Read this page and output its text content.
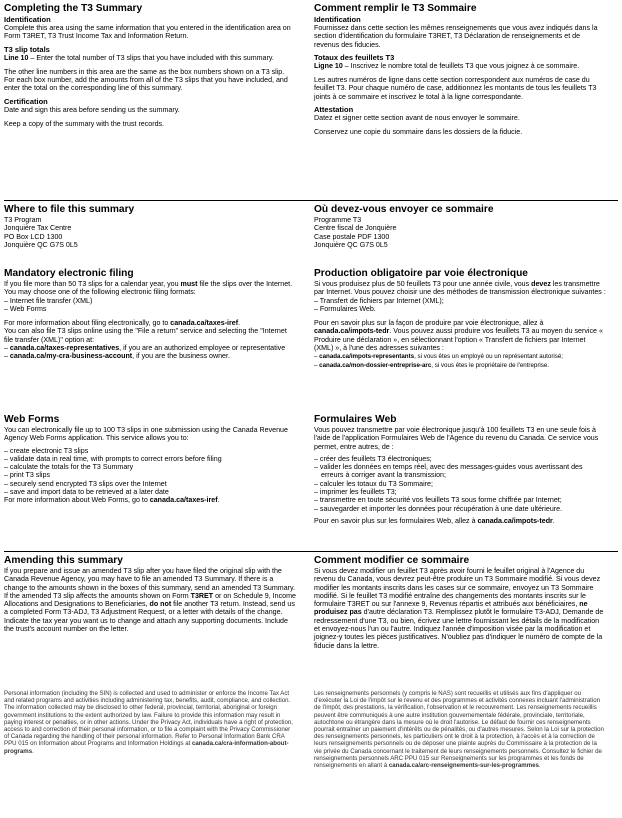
Completing the T3 Summary
Identification

Complete this area using the same information that you entered in the identification area on Form T3RET, T3 Trust Income Tax and Information Return.

T3 slip totals

Line 10 – Enter the total number of T3 slips that you have included with this summary.

The other line numbers in this area are the same as the box numbers shown on a T3 slip. For each box number, add the amounts from all of the T3 slips that you have included, and enter the total on the corresponding line of this summary.

Certification

Date and sign this area before sending us the summary.

Keep a copy of the summary with the trust records.

Where to file this summary

T3 Program

Jonquière Tax Centre

PO Box LCD 1300

Jonquière QC G7S 0L5

Mandatory electronic filing

If you file more than 50 T3 slips for a calendar year, you must file the slips over the Internet.

You may choose one of the following electronic filing formats:

– Internet file transfer (XML)

– Web Forms

For more information about filing electronically, go to canada.ca/taxes-iref.

You can also file T3 slips online using the "File a return" service and selecting the "Internet file transfer (XML)" option at:

– canada.ca/taxes-representatives, if you are an authorized employee or representative
– canada.ca/my-cra-business-account, if you are the business owner.
Web Forms

You can electronically file up to 100 T3 slips in one submission using the Canada Revenue Agency Web Forms application. This service allows you to:

– create electronic T3 slips
– validate data in real time, with prompts to correct errors before filing
– calculate the totals for the T3 Summary
– print T3 slips
– securely send encrypted T3 slips over the Internet
– save and import data to be retrieved at a later date

For more information about Web Forms, go to canada.ca/taxes-iref.

Amending this summary

If you prepare and issue an amended T3 slip after you have filed the original slip with the Canada Revenue Agency, you may have to file an amended T3 Summary. If there is a change to the amounts shown in the boxes of this summary, send an amended T3 Summary. If the amended T3 slip affects the amounts shown on Form T3RET or on Schedule 9, Income Allocations and Designations to Beneficiaries, do not file another T3 return. Instead, send us a completed Form T3-ADJ, T3 Adjustment Request, or a letter with details of the change. Indicate the tax year you want us to change and attach any supporting documents. Include the trust's account number on the letter.

Personal information (including the SIN) is collected and used to administer or enforce the Income Tax Act and related programs and activities including administering tax, benefits, audit, compliance, and collection. The information collected may be disclosed to other federal, provincial, territorial, aboriginal or foreign government institutions to the extent authorized by law. Failure to provide this information may result in paying interest or penalties, or in other actions. Under the Privacy Act, individuals have a right of protection, access to and correction of their personal information, or to file a complaint with the Privacy Commissioner of Canada regarding the handling of their personal information. Refer to Personal Information Bank CRA PPU 015 on Information about Programs and Information Holdings at canada.ca/cra-information-about-programs.

Comment remplir le T3 Sommaire
Identification

Fournissez dans cette section les mêmes renseignements que vous avez indiqués dans la section d'identification du formulaire T3RET, T3 Déclaration de renseignements et de revenus des fiducies.

Totaux des feuillets T3

Ligne 10 – Inscrivez le nombre total de feuillets T3 que vous joignez à ce sommaire.

Les autres numéros de ligne dans cette section correspondent aux numéros de case du feuillet T3. Pour chaque numéro de case, additionnez les montants de tous les feuillets T3 joints à ce sommaire et inscrivez le total à la ligne correspondante.

Attestation

Datez et signer cette section avant de nous envoyer le sommaire.

Conservez une copie du sommaire dans les dossiers de la fiducie.

Où devez-vous envoyer ce sommaire

Programme T3

Centre fiscal de Jonquière

Case postale PDF 1300

Jonquière QC G7S 0L5

Production obligatoire par voie électronique

Si vous produisez plus de 50 feuillets T3 pour une année civile, vous devez les transmettre par Internet. Vous pouvez choisir une des méthodes de transmission électronique suivantes :

– Transfert de fichiers par Internet (XML);

– Formulaires Web.

Pour en savoir plus sur la façon de produire par voie électronique, allez à canada.ca/impots-tedr. Vous pouvez aussi produire vos feuillets T3 au moyen du service « Produire une déclaration », en sélectionnant l'option « Transfert de fichiers par Internet (XML) », à l'une des adresses suivantes :

– canada.ca/impots-representants, si vous êtes un employé ou un représentant autorisé;
– canada.ca/mon-dossier-entreprise-arc, si vous êtes le propriétaire de l'entreprise.
Formulaires Web

Vous pouvez transmettre par voie électronique jusqu'à 100 feuillets T3 en une seule fois à l'aide de l'application Formulaires Web de l'Agence du revenu du Canada. Ce service vous permet, entre autres, de :

– créer des feuillets T3 électroniques;
– valider les données en temps réel, avec des messages-guides vous avertissant des erreurs à corriger avant la transmission;
– calculer les totaux du T3 Sommaire;
– imprimer les feuillets T3;
– transmettre en toute sécurité vos feuillets T3 sous forme chiffrée par Internet;
– sauvegarder et importer les données pour récupération à une date ultérieure.

Pour en savoir plus sur les formulaires Web, allez à canada.ca/impots-tedr.

Comment modifier ce sommaire

Si vous devez modifier un feuillet T3 après avoir fourni le feuillet original à l'Agence du revenu du Canada, vous devrez peut-être produire un T3 Sommaire modifié. Si vous devez modifier les montants inscrits dans les cases sur ce sommaire, envoyez un T3 Sommaire modifié. Si le feuillet T3 modifié entraîne des changements des montants inscrits sur le formulaire T3RET ou sur l'annexe 9, Revenus répartis et attribués aux bénéficiaires, ne produisez pas d'autre déclaration T3. Remplissez plutôt le formulaire T3-ADJ, Demande de redressement d'une T3, ou bien, écrivez une lettre fournissant les détails de la modification et envoyez-nous l'un ou l'autre. Indiquez l'année d'imposition visée par la modification et joignez-y toutes les pièces justificatives. N'oubliez pas d'indiquer le numéro de compte de la fiducie dans la lettre.

Les renseignements personnels (y compris le NAS) sont recueillis et utilisés aux fins d'appliquer ou d'exécuter la Loi de l'impôt sur le revenu et des programmes et activités connexes incluant l'administration de l'impôt, des prestations, la vérification, l'observation et le recouvrement. Les renseignements recueillis peuvent être communiqués à une autre institution gouvernementale fédérale, provinciale, territoriale, autochtone ou étrangère dans la mesure où le droit l'autorise. Le défaut de fournir ces renseignements pourrait entraîner un paiement d'intérêts ou de pénalités, ou d'autres mesures. Selon la Loi sur la protection des renseignements personnels, les particuliers ont le droit à la protection, à l'accès et à la correction de leurs renseignements personnels ou de déposer une plainte auprès du Commissaire à la protection de la vie privée du Canada concernant le traitement de leurs renseignements personnels. Consultez le fichier de renseignements personnels ARC PPU 015 sur Renseignements sur les programmes et les fonds de renseignements en allant à canada.ca/arc-renseignements-sur-les-programmes.
